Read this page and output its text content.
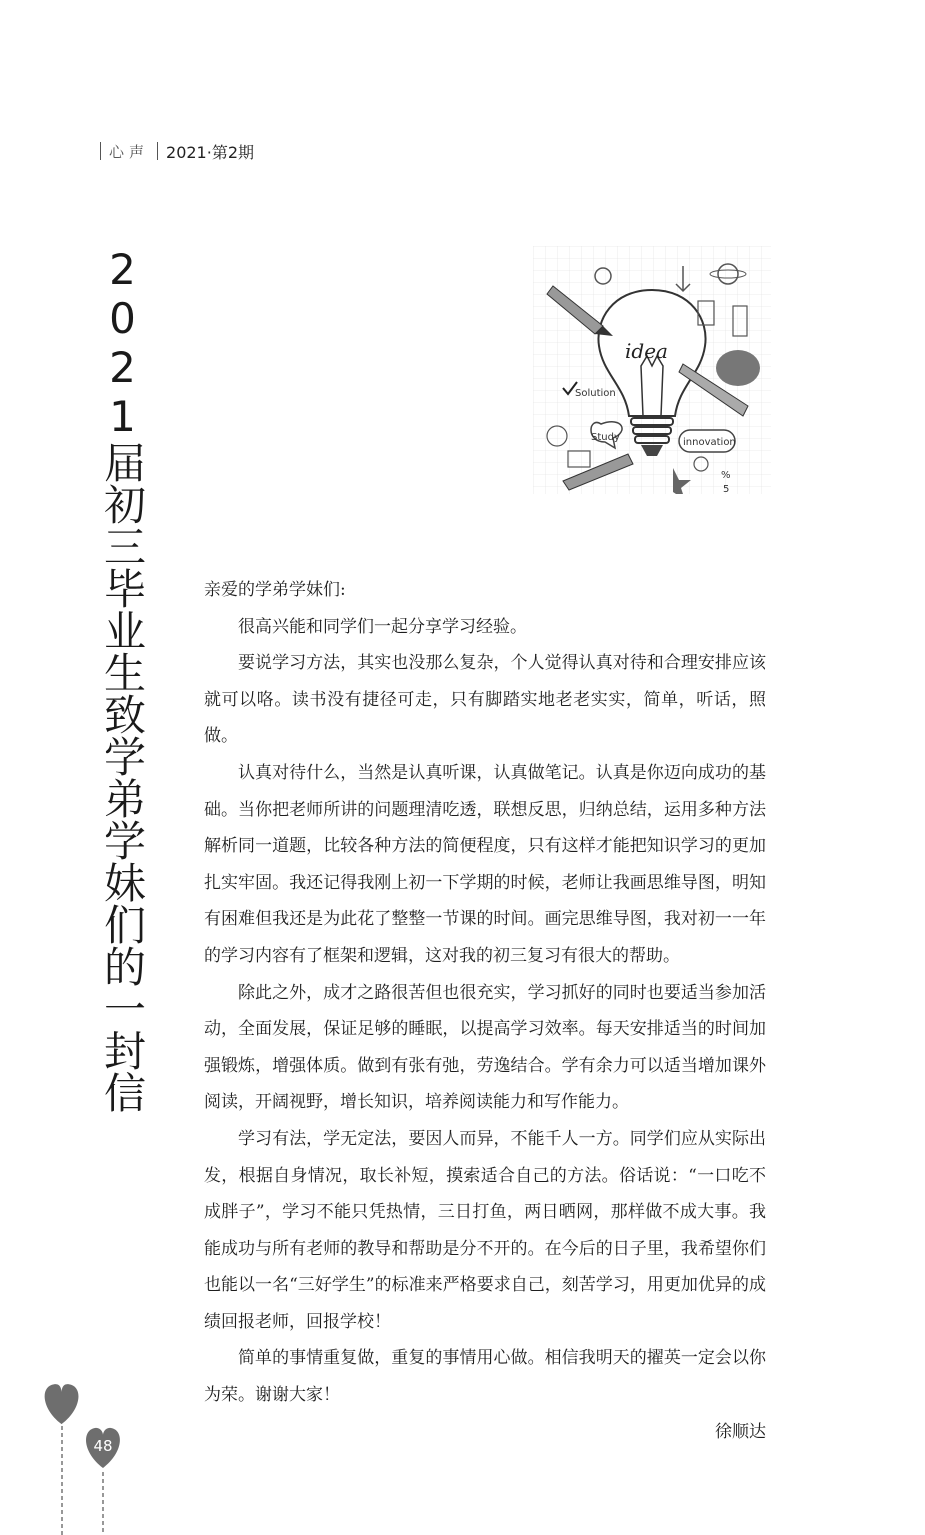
心声 2021·第2期
2021届初三毕业生致学弟学妹们的一封信	idea
Study	innovation
Solution
%
5

亲爱的学弟学妹们:

很高兴能和同学们一起分享学习经验。

要说学习方法，其实也没那么复杂，个人觉得认真对待和合理安排应该就可以咯。读书没有捷径可走，只有脚踏实地老老实实，简单，听话，照做。

认真对待什么，当然是认真听课，认真做笔记。认真是你迈向成功的基础。当你把老师所讲的问题理清吃透，联想反思，归纳总结，运用多种方法解析同一道题，比较各种方法的简便程度，只有这样才能把知识学习的更加扎实牢固。我还记得我刚上初一下学期的时候，老师让我画思维导图，明知有困难但我还是为此花了整整一节课的时间。画完思维导图，我对初一一年的学习内容有了框架和逻辑，这对我的初三复习有很大的帮助。

除此之外，成才之路很苦但也很充实，学习抓好的同时也要适当参加活动，全面发展，保证足够的睡眠，以提高学习效率。每天安排适当的时间加强锻炼，增强体质。做到有张有弛，劳逸结合。学有余力可以适当增加课外阅读，开阔视野，增长知识，培养阅读能力和写作能力。

学习有法，学无定法，要因人而异，不能千人一方。同学们应从实际出发，根据自身情况，取长补短，摸索适合自己的方法。俗话说：“一口吃不成胖子”，学习不能只凭热情，三日打鱼，两日晒网，那样做不成大事。我能成功与所有老师的教导和帮助是分不开的。在今后的日子里，我希望你们也能以一名“三好学生”的标准来严格要求自己，刻苦学习，用更加优异的成绩回报老师，回报学校！

简单的事情重复做，重复的事情用心做。相信我明天的擢英一定会以你为荣。谢谢大家！

徐顺达

48
